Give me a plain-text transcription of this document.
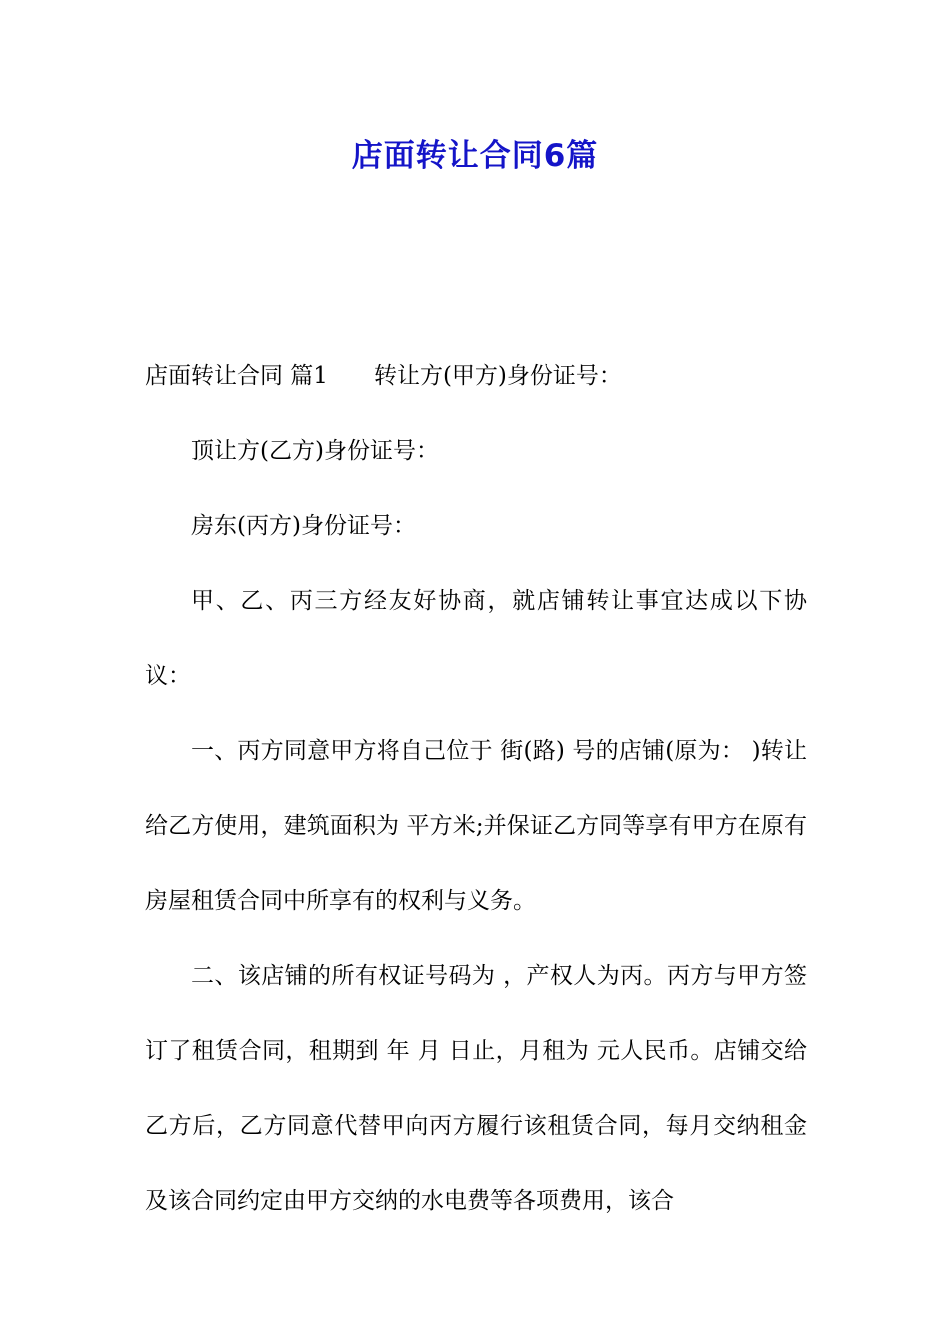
店面转让合同6篇

店面转让合同 篇1 转让方(甲方)身份证号：

顶让方(乙方)身份证号：

房东(丙方)身份证号：

甲、乙、丙三方经友好协商，就店铺转让事宜达成以下协议：

一、丙方同意甲方将自己位于 街(路) 号的店铺(原为： )转让给乙方使用，建筑面积为 平方米;并保证乙方同等享有甲方在原有房屋租赁合同中所享有的权利与义务。

二、该店铺的所有权证号码为 ，产权人为丙。丙方与甲方签订了租赁合同，租期到 年 月 日止，月租为 元人民币。店铺交给乙方后，乙方同意代替甲向丙方履行该租赁合同，每月交纳租金及该合同约定由甲方交纳的水电费等各项费用，该合
